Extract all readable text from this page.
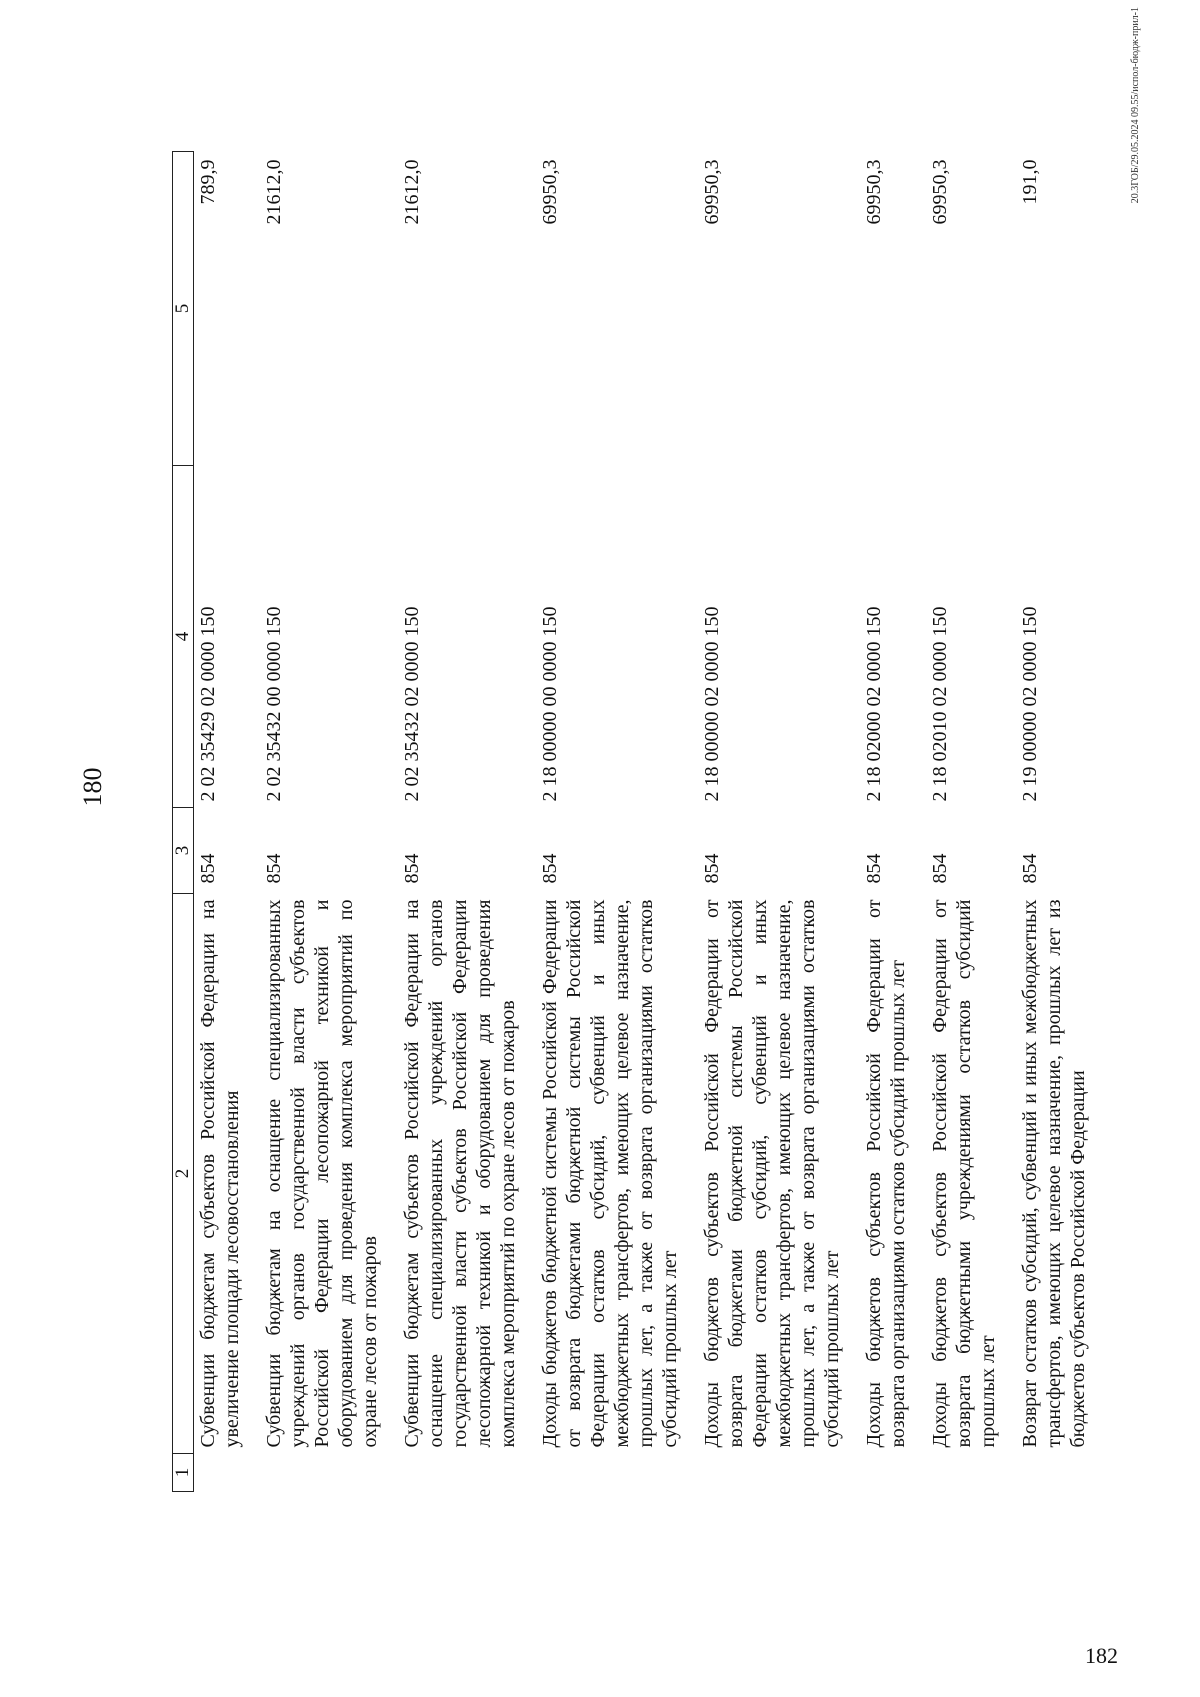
180
1	2	3	4	5
	Субвенции бюджетам субъектов Российской Федерации на увеличение площади лесовосстановления	854	2 02 35429 02 0000 150	789,9
	Субвенции бюджетам на оснащение специализированных учреждений органов государственной власти субъектов Российской Федерации лесопожарной техникой и оборудованием для проведения комплекса мероприятий по охране лесов от пожаров	854	2 02 35432 00 0000 150	21612,0
	Субвенции бюджетам субъектов Российской Федерации на оснащение специализированных учреждений органов государственной власти субъектов Российской Федерации лесопожарной техникой и оборудованием для проведения комплекса мероприятий по охране лесов от пожаров	854	2 02 35432 02 0000 150	21612,0
	Доходы бюджетов бюджетной системы Российской Федерации от возврата бюджетами бюджетной системы Российской Федерации остатков субсидий, субвенций и иных межбюджетных трансфертов, имеющих целевое назначение, прошлых лет, а также от возврата организациями остатков субсидий прошлых лет	854	2 18 00000 00 0000 150	69950,3
	Доходы бюджетов субъектов Российской Федерации от возврата бюджетами бюджетной системы Российской Федерации остатков субсидий, субвенций и иных межбюджетных трансфертов, имеющих целевое назначение, прошлых лет, а также от возврата организациями остатков субсидий прошлых лет	854	2 18 00000 02 0000 150	69950,3
	Доходы бюджетов субъектов Российской Федерации от возврата организациями остатков субсидий прошлых лет	854	2 18 02000 02 0000 150	69950,3
	Доходы бюджетов субъектов Российской Федерации от возврата бюджетными учреждениями остатков субсидий прошлых лет	854	2 18 02010 02 0000 150	69950,3
	Возврат остатков субсидий, субвенций и иных межбюджетных трансфертов, имеющих целевое назначение, прошлых лет из бюджетов субъектов Российской Федерации	854	2 19 00000 02 0000 150	191,0	20.3ГОБ/29.05.2024 09.55/испол-бюдж-прил-1
182
